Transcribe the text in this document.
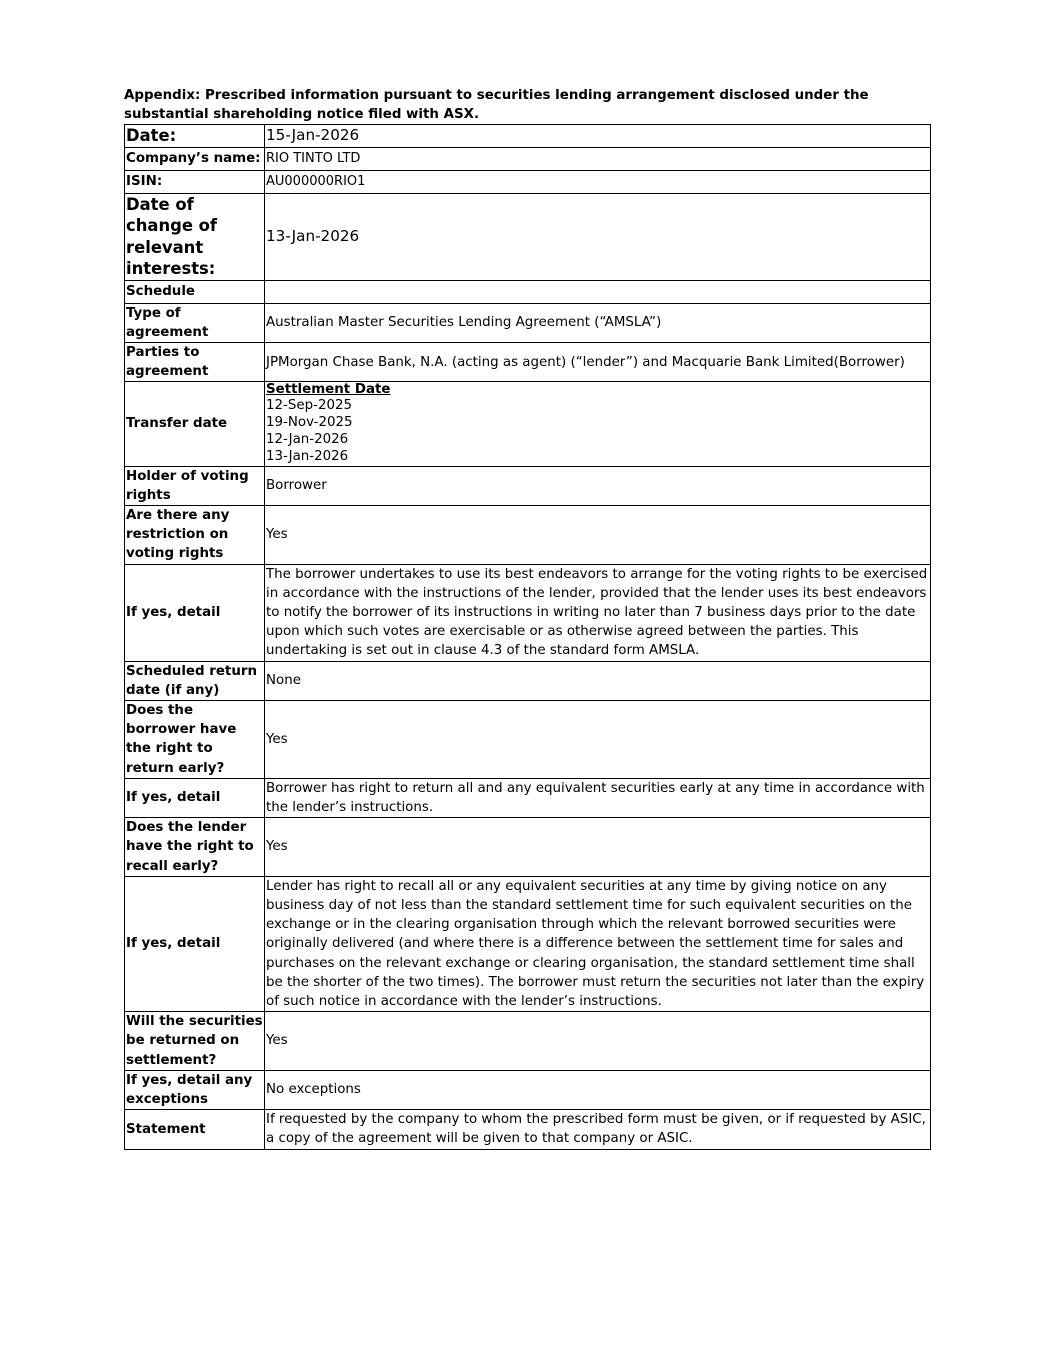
Appendix: Prescribed information pursuant to securities lending arrangement disclosed under the substantial shareholding notice filed with ASX.
Date:	15-Jan-2026
Company’s name:	RIO TINTO LTD
ISIN:	AU000000RIO1
Date of change of relevant interests:	13-Jan-2026
Schedule	
Type of agreement	Australian Master Securities Lending Agreement (“AMSLA”)
Parties to agreement	JPMorgan Chase Bank, N.A. (acting as agent) (“lender”) and Macquarie Bank Limited(Borrower)
Transfer date	Settlement Date
12-Sep-2025
19-Nov-2025
12-Jan-2026
13-Jan-2026

Holder of voting rights	Borrower
Are there any restriction on voting rights	Yes
If yes, detail	The borrower undertakes to use its best endeavors to arrange for the voting rights to be exercised in accordance with the instructions of the lender, provided that the lender uses its best endeavors to notify the borrower of its instructions in writing no later than 7 business days prior to the date upon which such votes are exercisable or as otherwise agreed between the parties. This undertaking is set out in clause 4.3 of the standard form AMSLA.
Scheduled return date (if any)	None
Does the borrower have the right to return early?	Yes
If yes, detail	Borrower has right to return all and any equivalent securities early at any time in accordance with the lender’s instructions.
Does the lender have the right to recall early?	Yes
If yes, detail	Lender has right to recall all or any equivalent securities at any time by giving notice on any business day of not less than the standard settlement time for such equivalent securities on the exchange or in the clearing organisation through which the relevant borrowed securities were originally delivered (and where there is a difference between the settlement time for sales and purchases on the relevant exchange or clearing organisation, the standard settlement time shall be the shorter of the two times). The borrower must return the securities not later than the expiry of such notice in accordance with the lender’s instructions.
Will the securities be returned on settlement?	Yes
If yes, detail any exceptions	No exceptions
Statement	If requested by the company to whom the prescribed form must be given, or if requested by ASIC, a copy of the agreement will be given to that company or ASIC.
